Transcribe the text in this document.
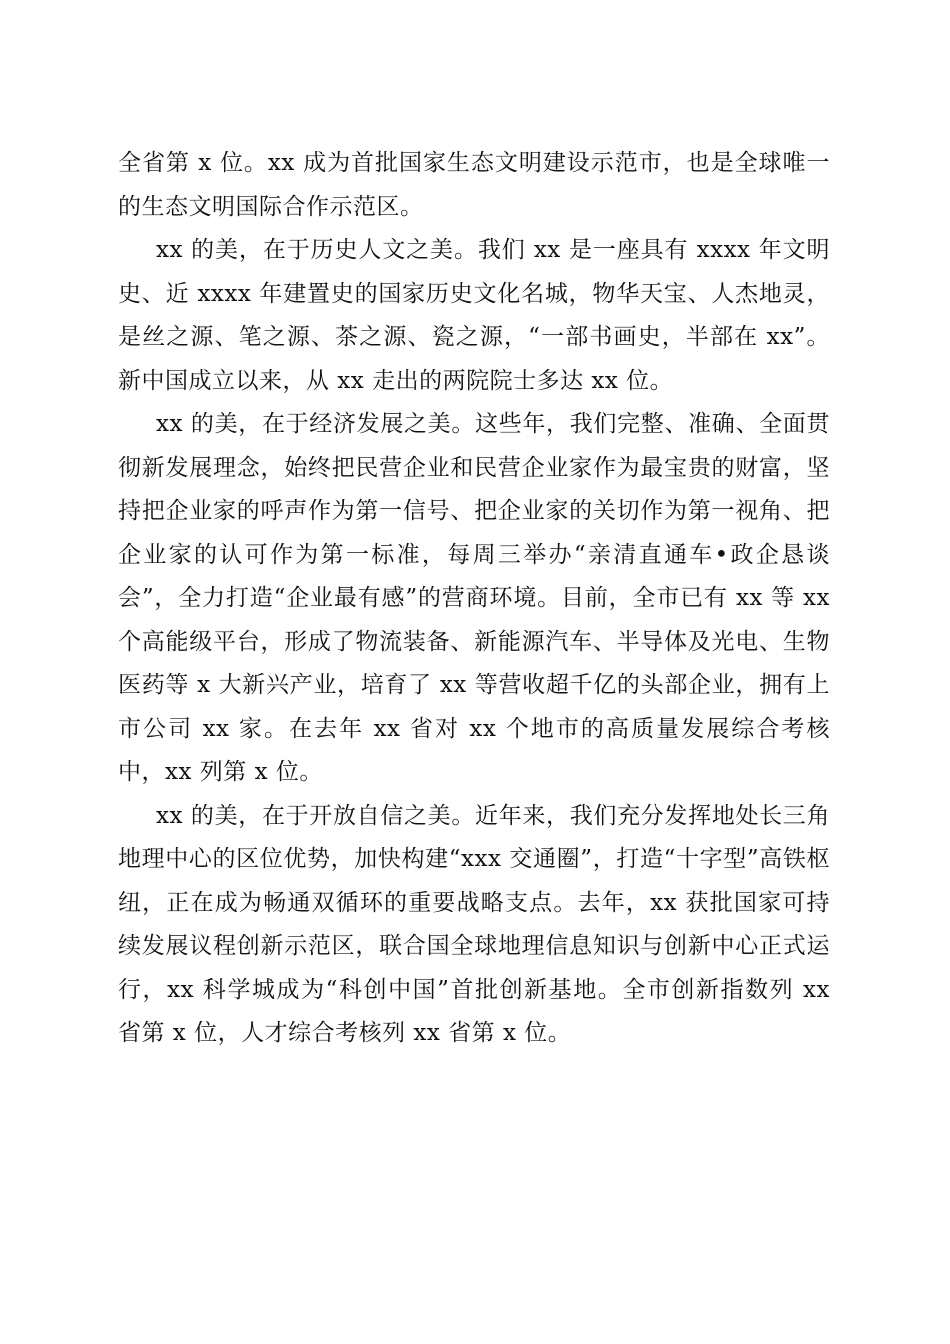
全省第 x 位。xx 成为首批国家生态文明建设示范市，也是全球唯一的生态文明国际合作示范区。

xx 的美，在于历史人文之美。我们 xx 是一座具有 xxxx 年文明史、近 xxxx 年建置史的国家历史文化名城，物华天宝、人杰地灵，是丝之源、笔之源、茶之源、瓷之源，“一部书画史，半部在 xx”。新中国成立以来，从 xx 走出的两院院士多达 xx 位。

xx 的美，在于经济发展之美。这些年，我们完整、准确、全面贯彻新发展理念，始终把民营企业和民营企业家作为最宝贵的财富，坚持把企业家的呼声作为第一信号、把企业家的关切作为第一视角、把企业家的认可作为第一标准，每周三举办“亲清直通车•政企恳谈会”，全力打造“企业最有感”的营商环境。目前，全市已有 xx 等 xx 个高能级平台，形成了物流装备、新能源汽车、半导体及光电、生物医药等 x 大新兴产业，培育了 xx 等营收超千亿的头部企业，拥有上市公司 xx 家。在去年 xx 省对 xx 个地市的高质量发展综合考核中，xx 列第 x 位。

xx 的美，在于开放自信之美。近年来，我们充分发挥地处长三角地理中心的区位优势，加快构建“xxx 交通圈”，打造“十字型”高铁枢纽，正在成为畅通双循环的重要战略支点。去年，xx 获批国家可持续发展议程创新示范区，联合国全球地理信息知识与创新中心正式运行，xx 科学城成为“科创中国”首批创新基地。全市创新指数列 xx 省第 x 位，人才综合考核列 xx 省第 x 位。
